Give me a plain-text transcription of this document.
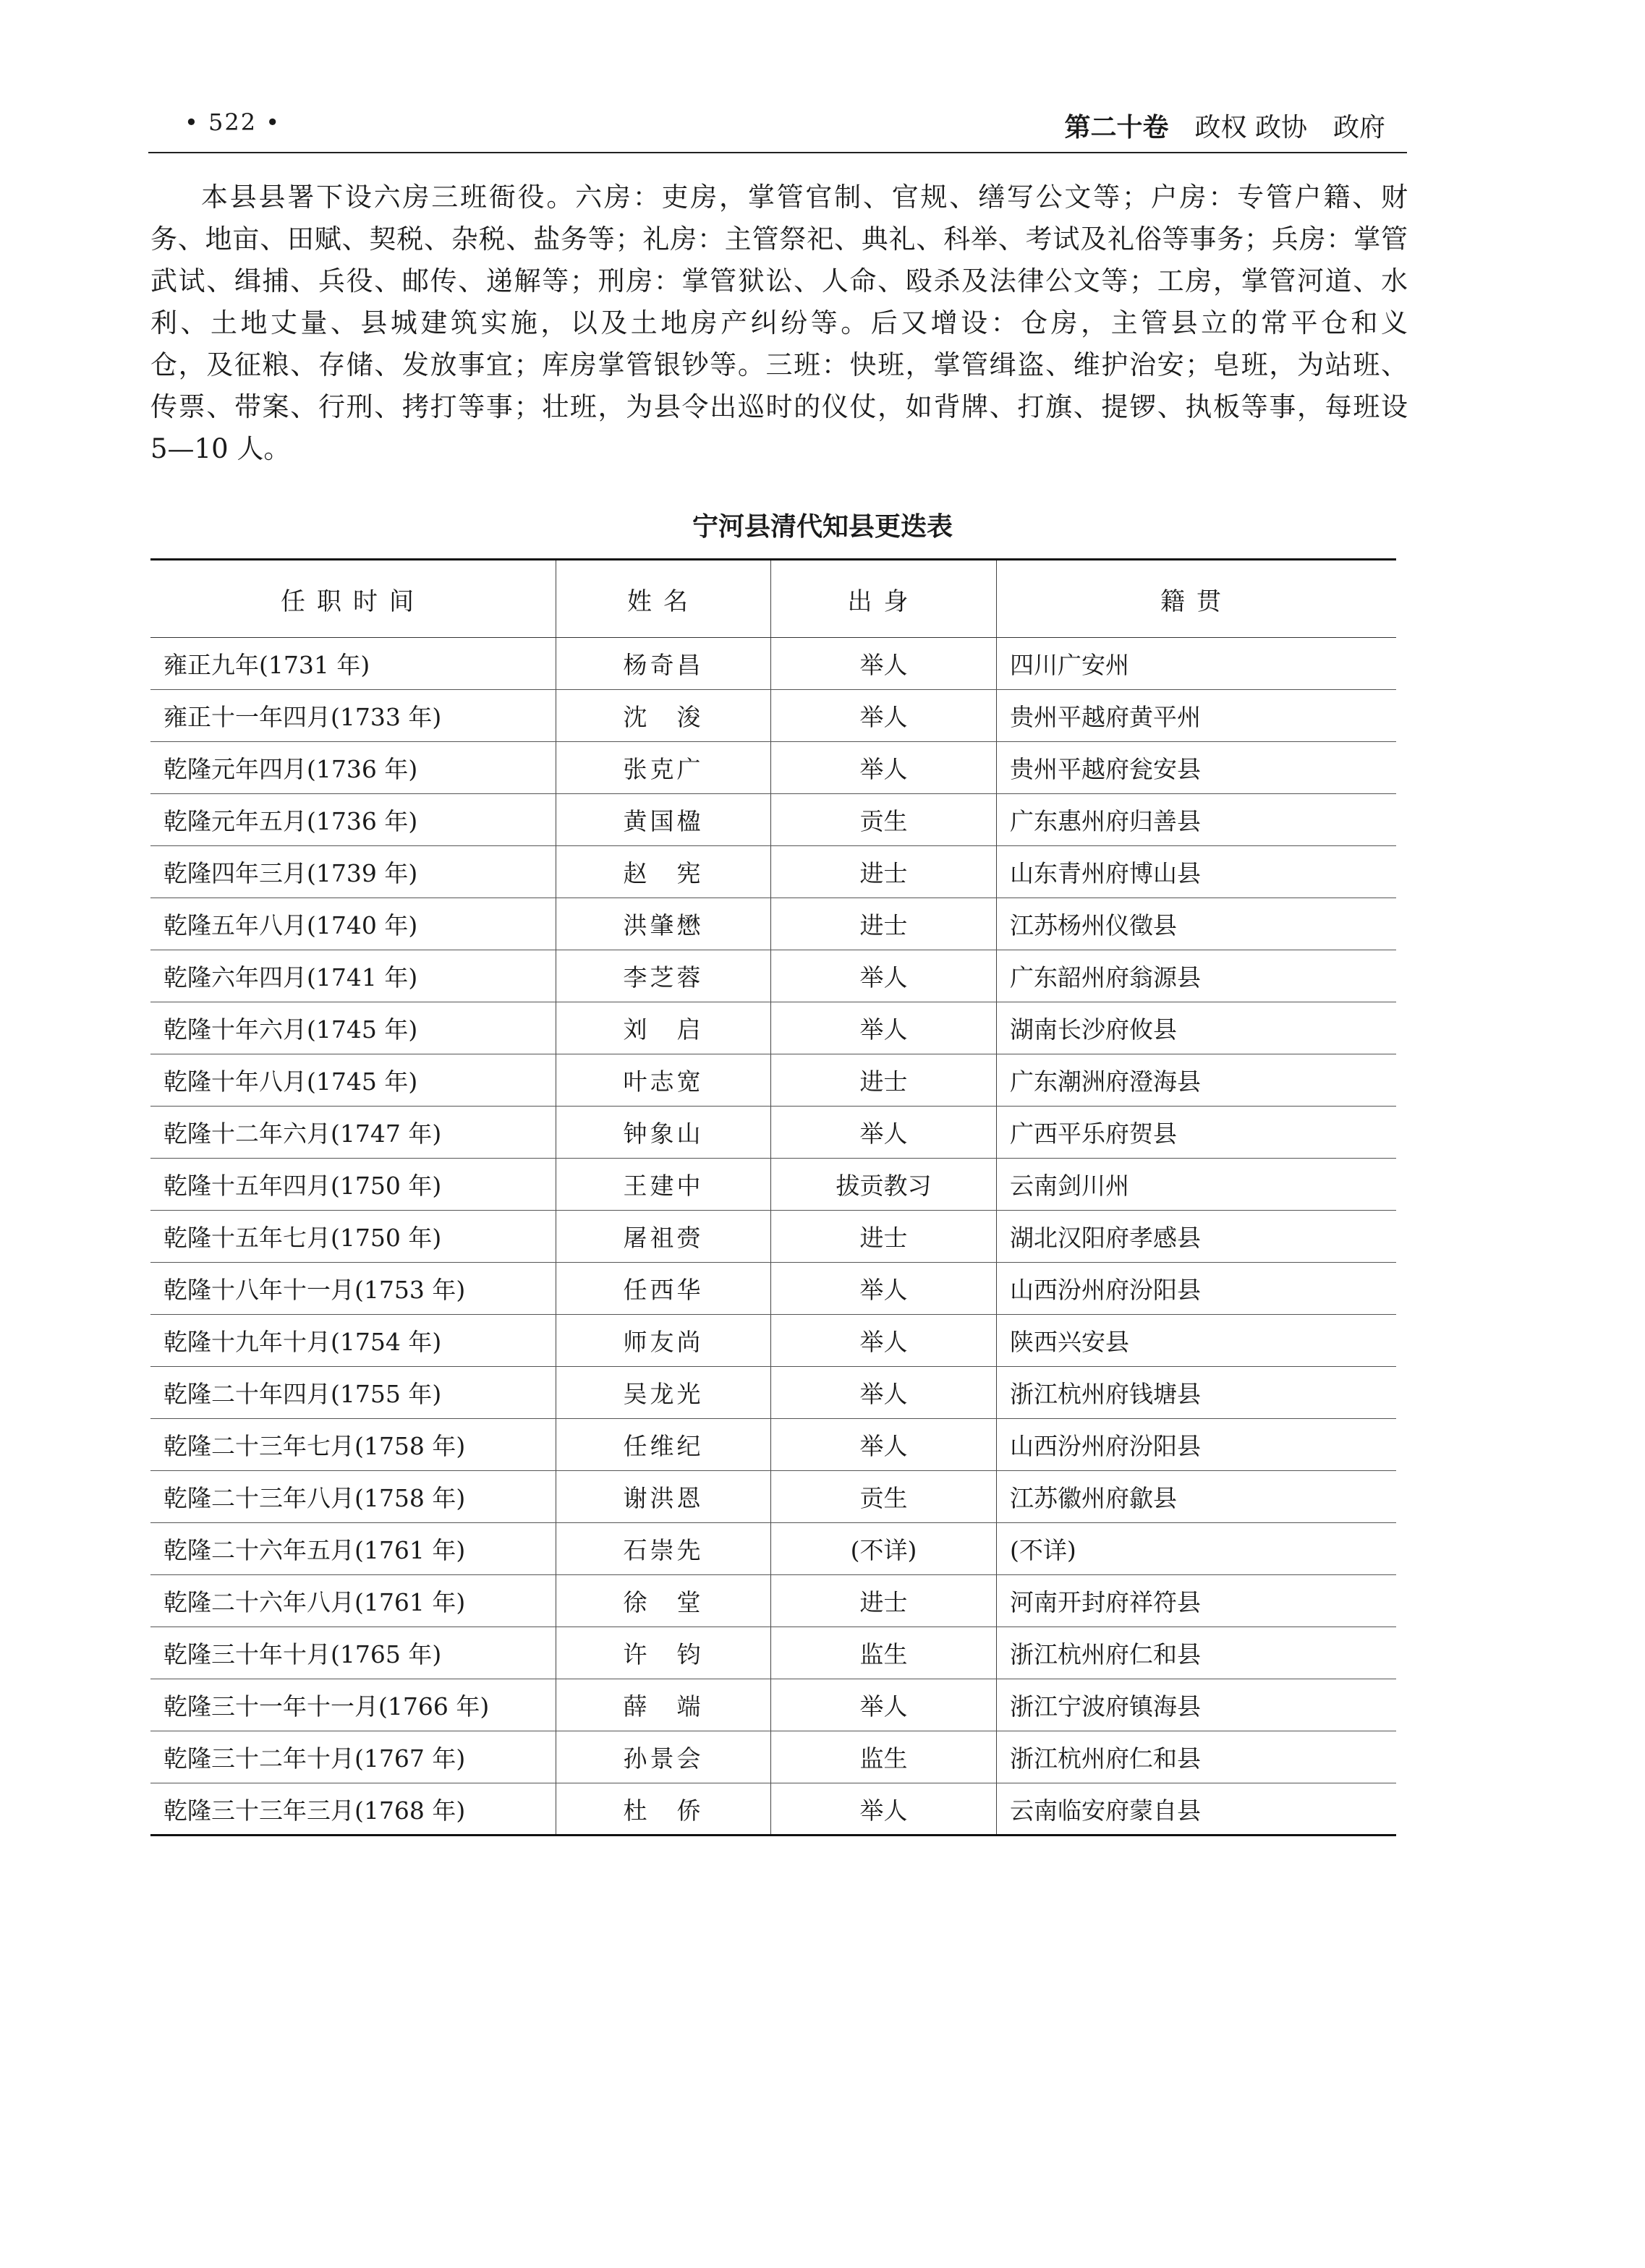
• 522 •	第二十卷 政权 政协　政府
本县县署下设六房三班衙役。六房：吏房，掌管官制、官规、缮写公文等；户房：专管户籍、财
务、地亩、田赋、契税、杂税、盐务等；礼房：主管祭祀、典礼、科举、考试及礼俗等事务；兵房：掌管
武试、缉捕、兵役、邮传、递解等；刑房：掌管狱讼、人命、殴杀及法律公文等；工房，掌管河道、水
利、土地丈量、县城建筑实施，以及土地房产纠纷等。后又增设：仓房，主管县立的常平仓和义
仓，及征粮、存储、发放事宜；库房掌管银钞等。三班：快班，掌管缉盗、维护治安；皂班，为站班、
传票、带案、行刑、拷打等事；壮班，为县令出巡时的仪仗，如背牌、打旗、提锣、执板等事，每班设
5—10 人。
宁河县清代知县更迭表
任职时间	姓名	出身	籍贯
雍正九年(1731 年)	杨奇昌	举人	四川广安州
雍正十一年四月(1733 年)	沈　浚	举人	贵州平越府黄平州
乾隆元年四月(1736 年)	张克广	举人	贵州平越府瓮安县
乾隆元年五月(1736 年)	黄国楹	贡生	广东惠州府归善县
乾隆四年三月(1739 年)	赵　宪	进士	山东青州府博山县
乾隆五年八月(1740 年)	洪肇懋	进士	江苏杨州仪徵县
乾隆六年四月(1741 年)	李芝蓉	举人	广东韶州府翁源县
乾隆十年六月(1745 年)	刘　启	举人	湖南长沙府攸县
乾隆十年八月(1745 年)	叶志宽	进士	广东潮洲府澄海县
乾隆十二年六月(1747 年)	钟象山	举人	广西平乐府贺县
乾隆十五年四月(1750 年)	王建中	拔贡教习	云南剑川州
乾隆十五年七月(1750 年)	屠祖赍	进士	湖北汉阳府孝感县
乾隆十八年十一月(1753 年)	任西华	举人	山西汾州府汾阳县
乾隆十九年十月(1754 年)	师友尚	举人	陕西兴安县
乾隆二十年四月(1755 年)	吴龙光	举人	浙江杭州府钱塘县
乾隆二十三年七月(1758 年)	任维纪	举人	山西汾州府汾阳县
乾隆二十三年八月(1758 年)	谢洪恩	贡生	江苏徽州府歙县
乾隆二十六年五月(1761 年)	石崇先	(不详)	(不详)
乾隆二十六年八月(1761 年)	徐　堂	进士	河南开封府祥符县
乾隆三十年十月(1765 年)	许　钧	监生	浙江杭州府仁和县
乾隆三十一年十一月(1766 年)	薛　端	举人	浙江宁波府镇海县
乾隆三十二年十月(1767 年)	孙景会	监生	浙江杭州府仁和县
乾隆三十三年三月(1768 年)	杜　侨	举人	云南临安府蒙自县
